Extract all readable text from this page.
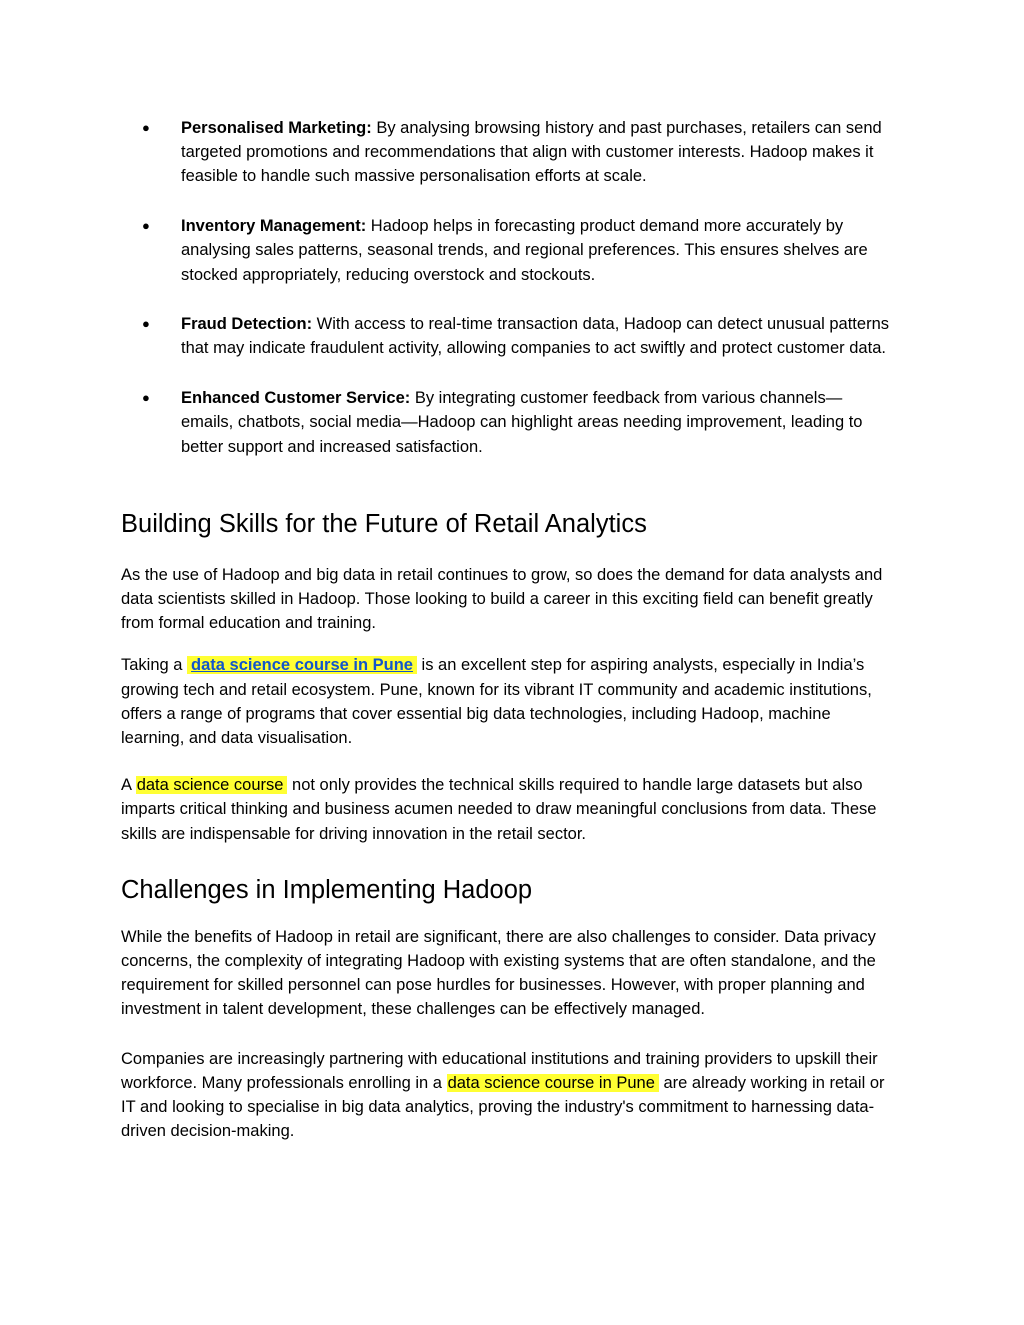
● Personalised Marketing: By analysing browsing history and past purchases, retailers can send targeted promotions and recommendations that align with customer interests. Hadoop makes it feasible to handle such massive personalisation efforts at scale.
● Inventory Management: Hadoop helps in forecasting product demand more accurately by analysing sales patterns, seasonal trends, and regional preferences. This ensures shelves are stocked appropriately, reducing overstock and stockouts.
● Fraud Detection: With access to real-time transaction data, Hadoop can detect unusual patterns that may indicate fraudulent activity, allowing companies to act swiftly and protect customer data.
● Enhanced Customer Service: By integrating customer feedback from various channels—emails, chatbots, social media—Hadoop can highlight areas needing improvement, leading to better support and increased satisfaction.
Building Skills for the Future of Retail Analytics

As the use of Hadoop and big data in retail continues to grow, so does the demand for data analysts and data scientists skilled in Hadoop. Those looking to build a career in this exciting field can benefit greatly from formal education and training.

Taking a data science course in Pune is an excellent step for aspiring analysts, especially in India’s growing tech and retail ecosystem. Pune, known for its vibrant IT community and academic institutions, offers a range of programs that cover essential big data technologies, including Hadoop, machine learning, and data visualisation.

A data science course not only provides the technical skills required to handle large datasets but also imparts critical thinking and business acumen needed to draw meaningful conclusions from data. These skills are indispensable for driving innovation in the retail sector.

Challenges in Implementing Hadoop

While the benefits of Hadoop in retail are significant, there are also challenges to consider. Data privacy concerns, the complexity of integrating Hadoop with existing systems that are often standalone, and the requirement for skilled personnel can pose hurdles for businesses. However, with proper planning and investment in talent development, these challenges can be effectively managed.

Companies are increasingly partnering with educational institutions and training providers to upskill their workforce. Many professionals enrolling in a data science course in Pune are already working in retail or IT and looking to specialise in big data analytics, proving the industry's commitment to harnessing data-driven decision-making.
